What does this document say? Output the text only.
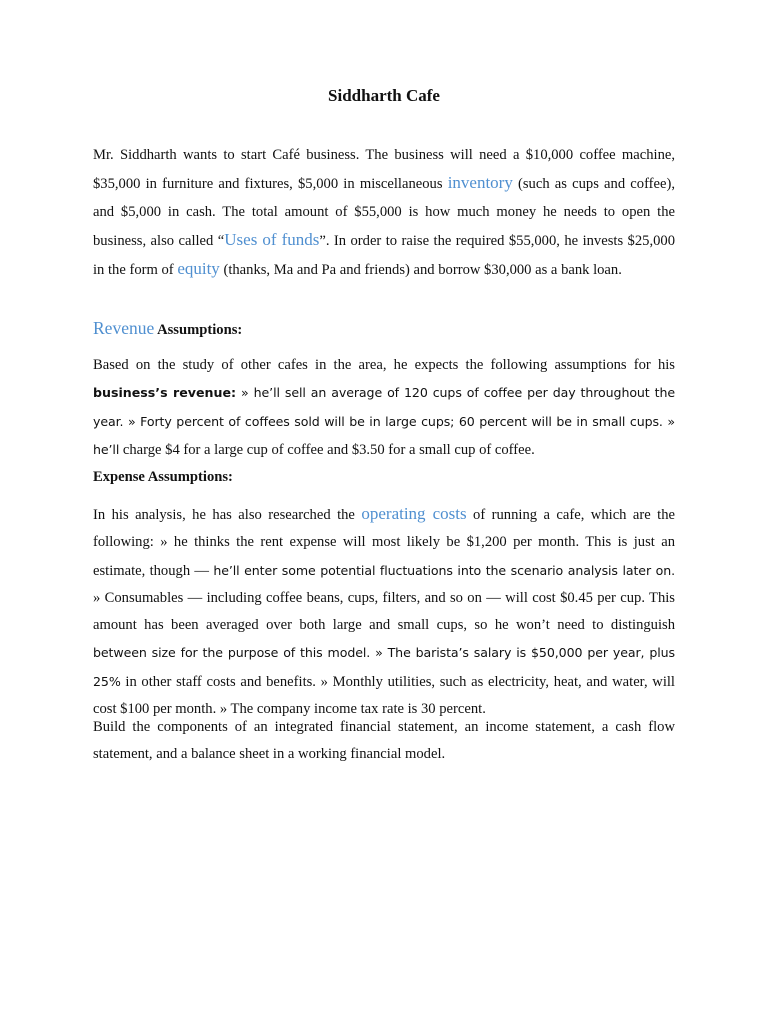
Siddharth Cafe
Mr. Siddharth wants to start Café business. The business will need a $10,000 coffee machine, $35,000 in furniture and fixtures, $5,000 in miscellaneous inventory (such as cups and coffee), and $5,000 in cash. The total amount of $55,000 is how much money he needs to open the business, also called “Uses of funds”. In order to raise the required $55,000, he invests $25,000 in the form of equity (thanks, Ma and Pa and friends) and borrow $30,000 as a bank loan.
Revenue Assumptions:
Based on the study of other cafes in the area, he expects the following assumptions for his business’s revenue: » he’ll sell an average of 120 cups of coffee per day throughout the year. » Forty percent of coffees sold will be in large cups; 60 percent will be in small cups. » he’ll charge $4 for a large cup of coffee and $3.50 for a small cup of coffee.
Expense Assumptions:
In his analysis, he has also researched the operating costs of running a cafe, which are the following: » he thinks the rent expense will most likely be $1,200 per month. This is just an estimate, though — he’ll enter some potential fluctuations into the scenario analysis later on. » Consumables — including coffee beans, cups, filters, and so on — will cost $0.45 per cup. This amount has been averaged over both large and small cups, so he won’t need to distinguish between size for the purpose of this model. » The barista’s salary is $50,000 per year, plus 25% in other staff costs and benefits. » Monthly utilities, such as electricity, heat, and water, will cost $100 per month. » The company income tax rate is 30 percent.
Build the components of an integrated financial statement, an income statement, a cash flow statement, and a balance sheet in a working financial model.
